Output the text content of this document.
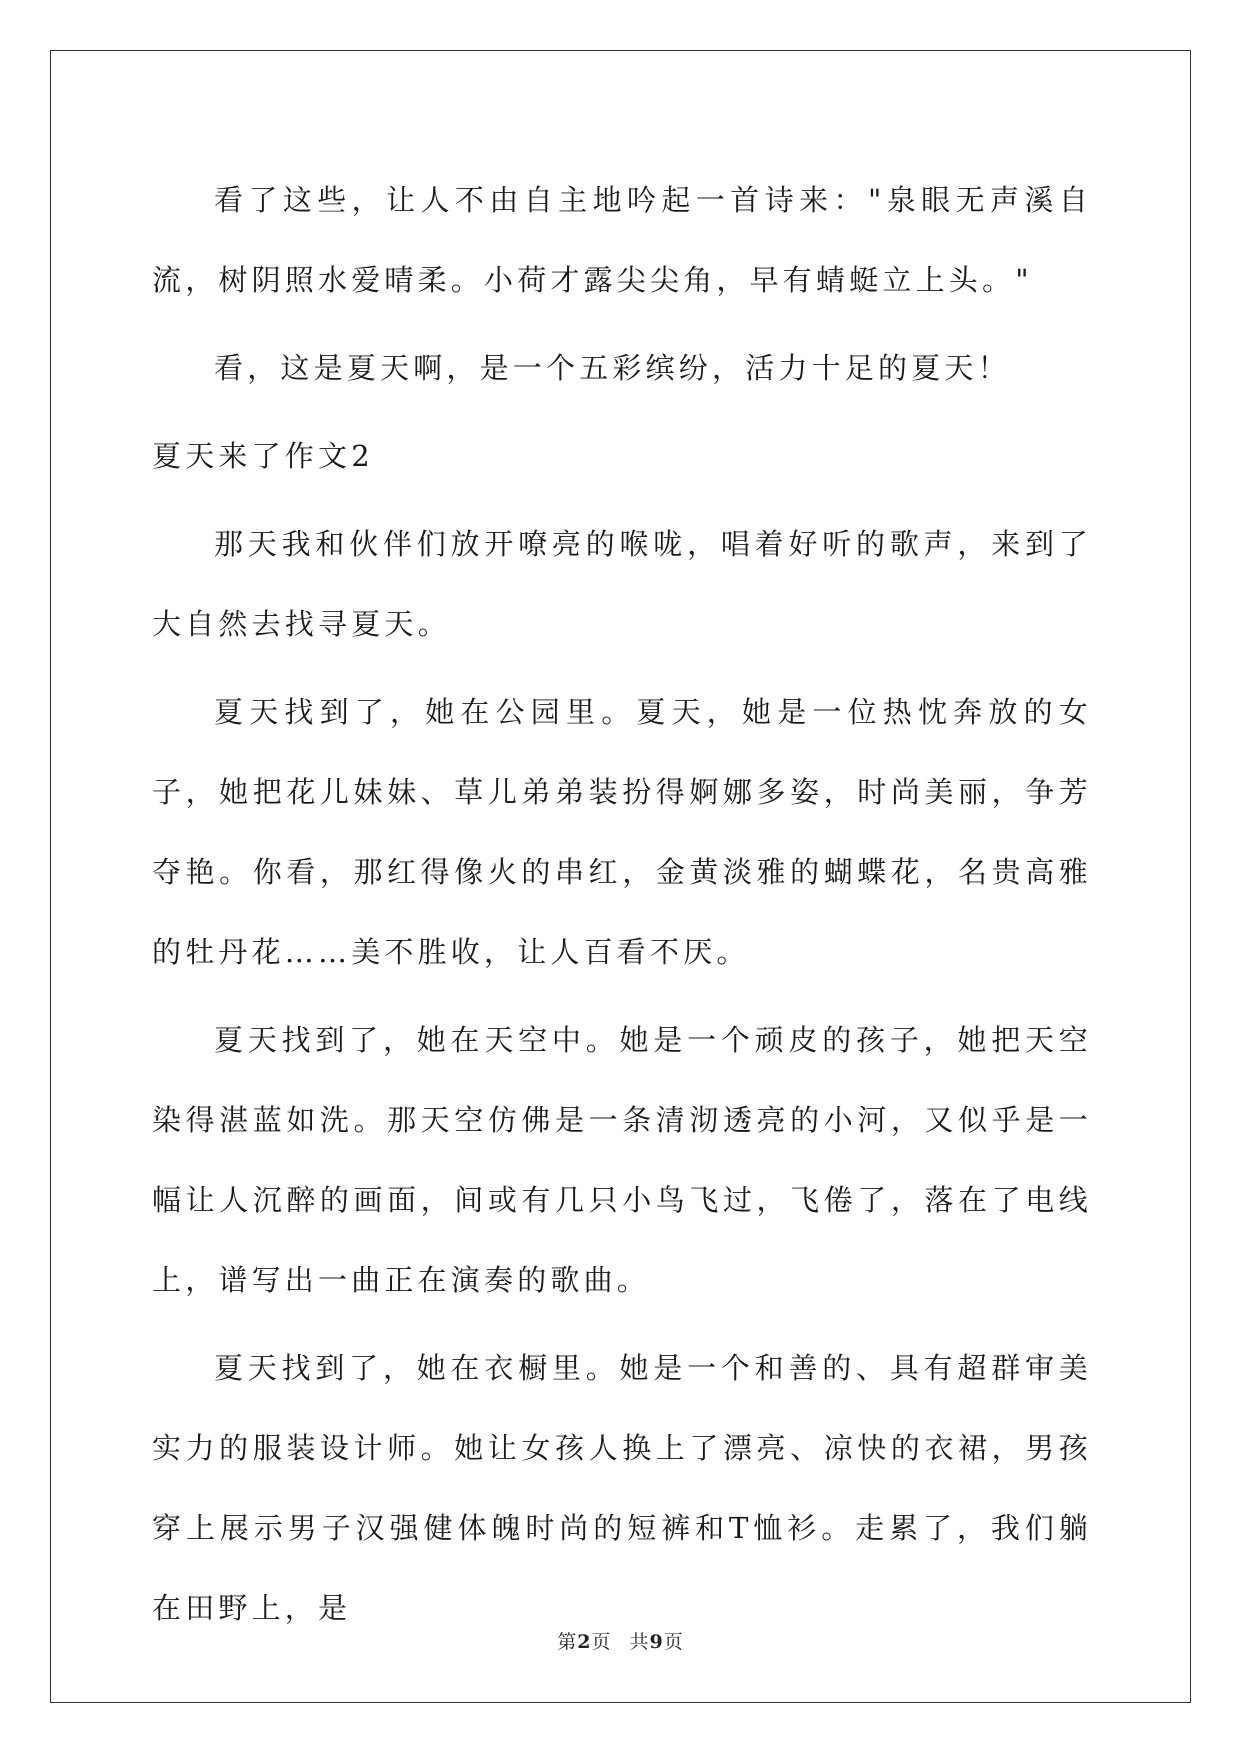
看了这些，让人不由自主地吟起一首诗来："泉眼无声溪自流，树阴照水爱晴柔。小荷才露尖尖角，早有蜻蜓立上头。"

看，这是夏天啊，是一个五彩缤纷，活力十足的夏天！

夏天来了作文2

那天我和伙伴们放开嘹亮的喉咙，唱着好听的歌声，来到了大自然去找寻夏天。

夏天找到了，她在公园里。夏天，她是一位热忱奔放的女子，她把花儿妹妹、草儿弟弟装扮得婀娜多姿，时尚美丽，争芳夺艳。你看，那红得像火的串红，金黄淡雅的蝴蝶花，名贵高雅的牡丹花……美不胜收，让人百看不厌。

夏天找到了，她在天空中。她是一个顽皮的孩子，她把天空染得湛蓝如洗。那天空仿佛是一条清沏透亮的小河，又似乎是一幅让人沉醉的画面，间或有几只小鸟飞过，飞倦了，落在了电线上，谱写出一曲正在演奏的歌曲。

夏天找到了，她在衣橱里。她是一个和善的、具有超群审美实力的服装设计师。她让女孩人换上了漂亮、凉快的衣裙，男孩穿上展示男子汉强健体魄时尚的短裤和T恤衫。走累了，我们躺在田野上，是

第2页 共9页
